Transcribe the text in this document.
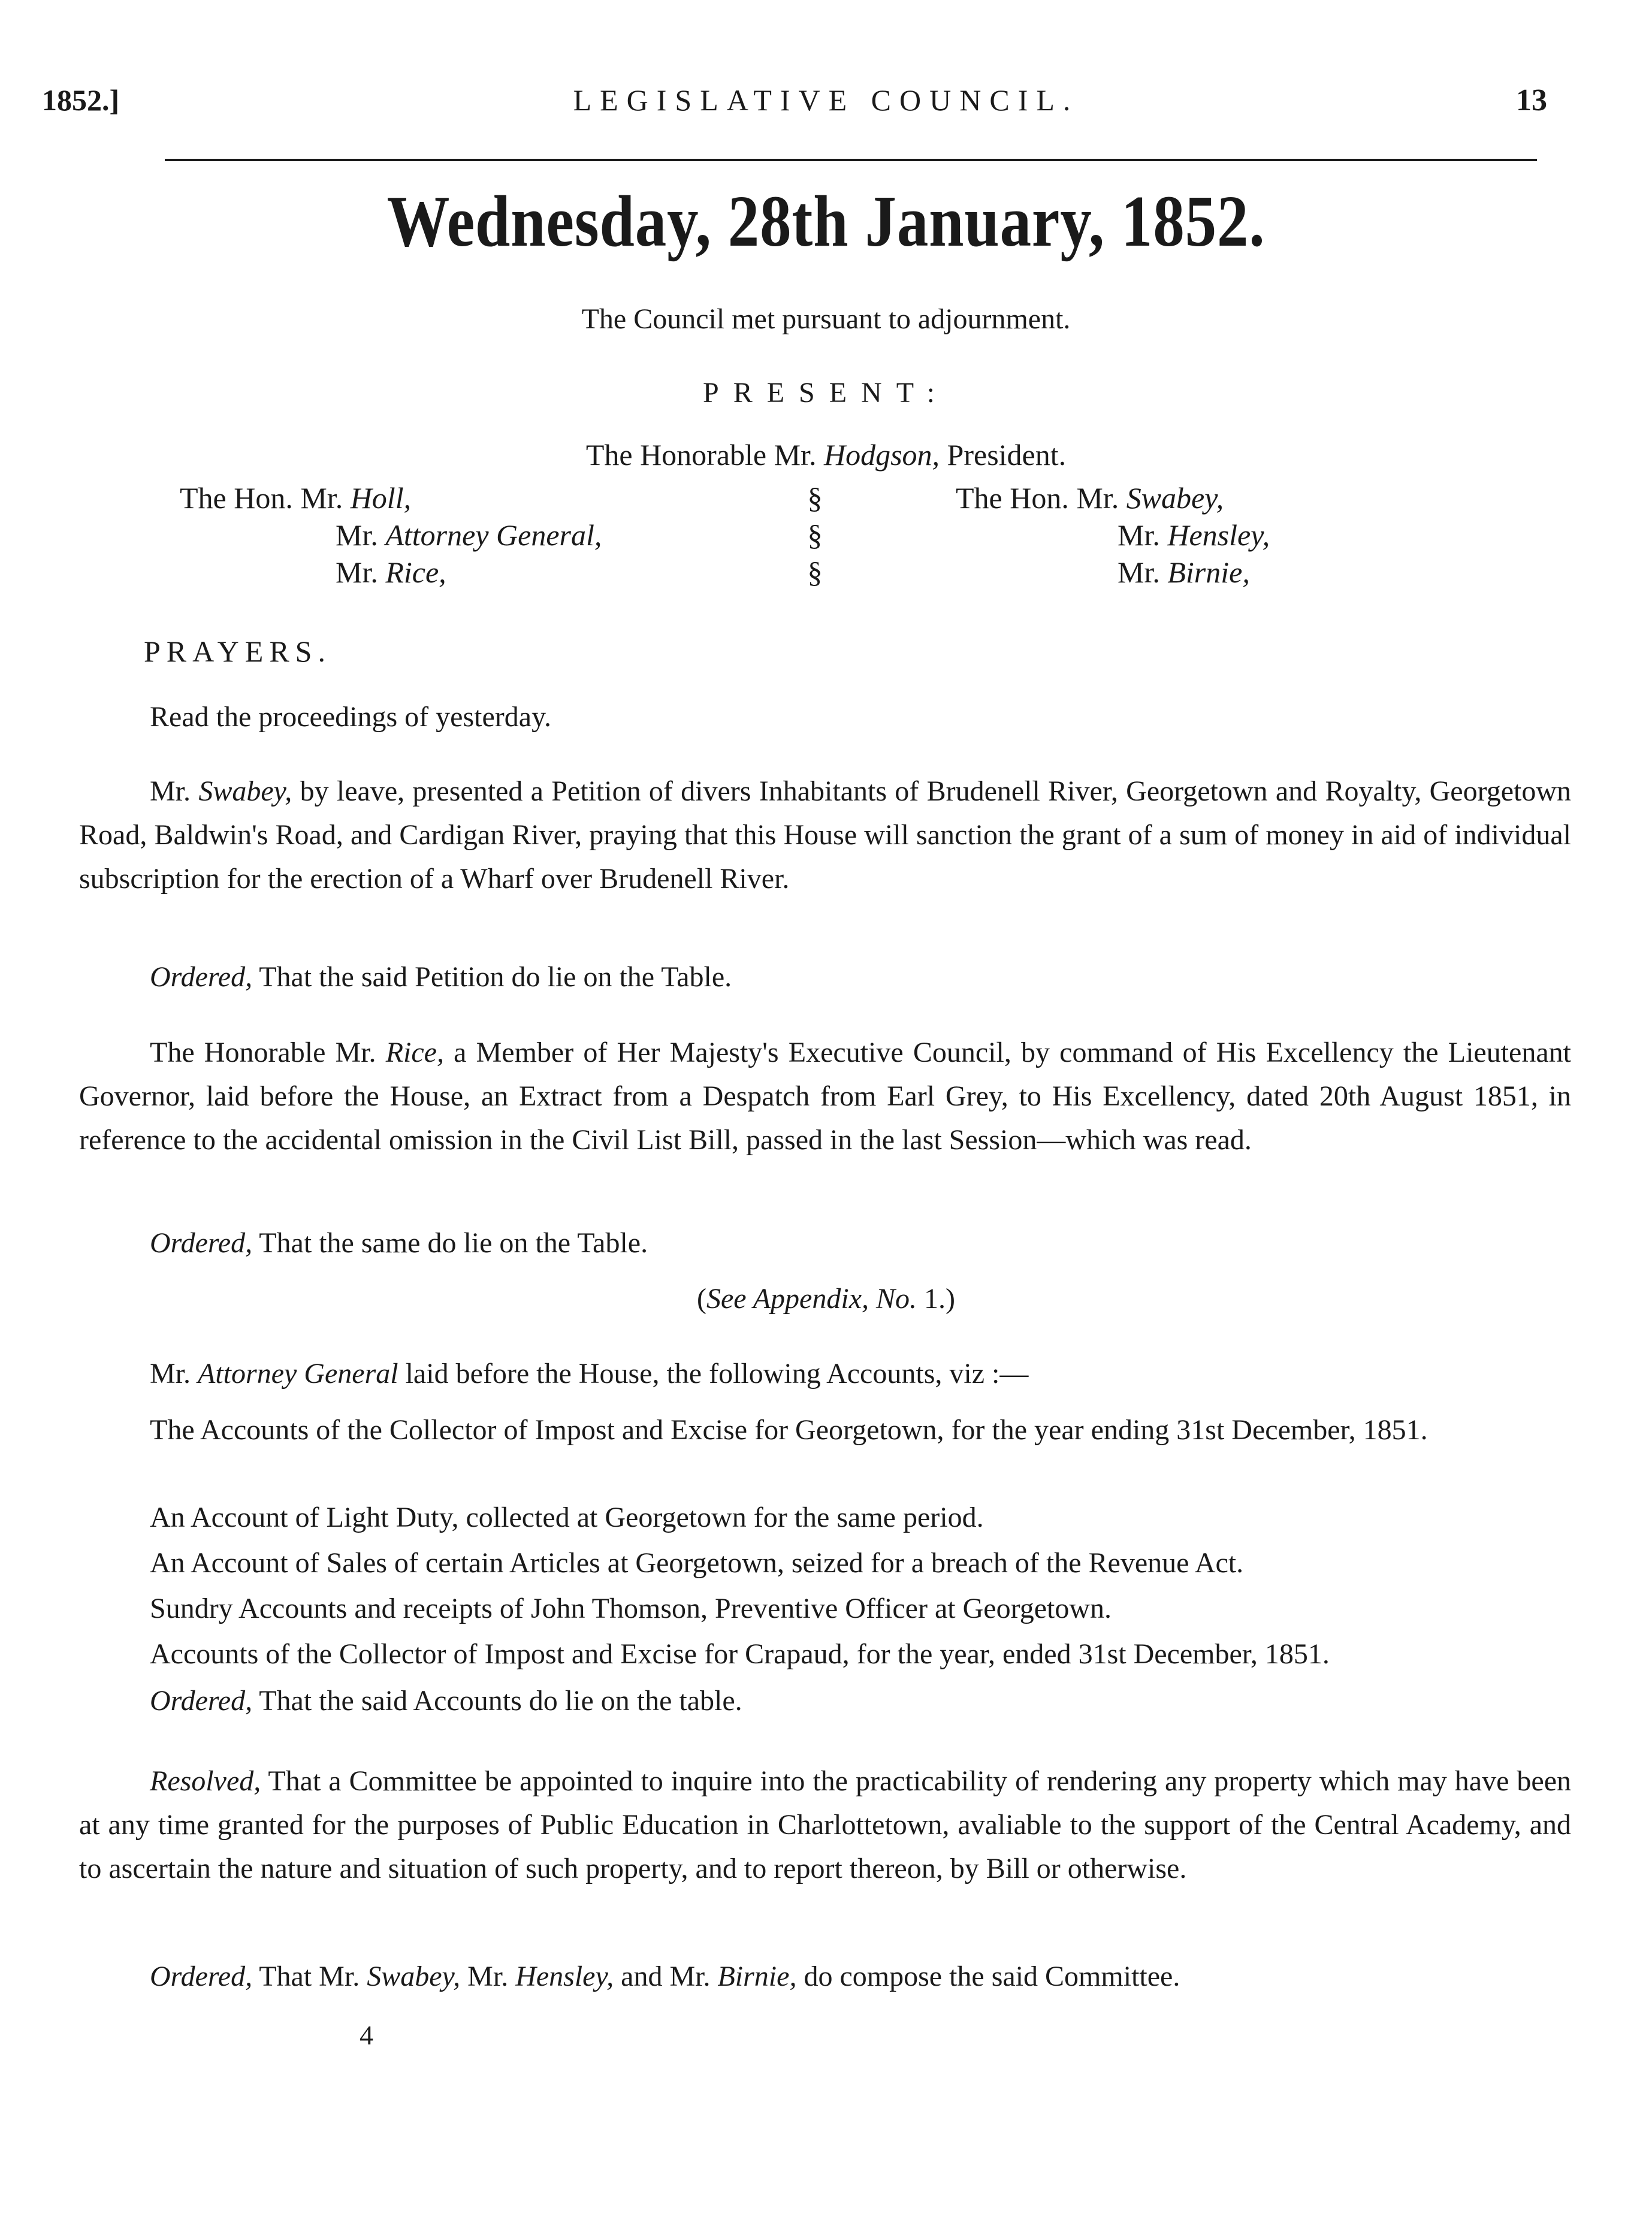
1852.]	LEGISLATIVE COUNCIL.	13
Wednesday, 28th January, 1852.
The Council met pursuant to adjournment.
PRESENT:
The Honorable Mr. Hodgson, President.
The Hon. Mr. Holl,
Mr. Attorney General,
Mr. Rice,
§
§
§
The Hon. Mr. Swabey,
Mr. Hensley,
Mr. Birnie,
PRAYERS.
Read the proceedings of yesterday.
Mr. Swabey, by leave, presented a Petition of divers Inhabitants of Brudenell River, Georgetown and Royalty, Georgetown Road, Baldwin's Road, and Cardigan River, praying that this House will sanction the grant of a sum of money in aid of individual subscription for the erection of a Wharf over Brudenell River.
Ordered, That the said Petition do lie on the Table.
The Honorable Mr. Rice, a Member of Her Majesty's Executive Council, by command of His Excellency the Lieutenant Governor, laid before the House, an Extract from a Despatch from Earl Grey, to His Excellency, dated 20th August 1851, in reference to the accidental omission in the Civil List Bill, passed in the last Session—which was read.
Ordered, That the same do lie on the Table.
(See Appendix, No. 1.)
Mr. Attorney General laid before the House, the following Accounts, viz :—
The Accounts of the Collector of Impost and Excise for Georgetown, for the year ending 31st December, 1851.
An Account of Light Duty, collected at Georgetown for the same period.
An Account of Sales of certain Articles at Georgetown, seized for a breach of the Revenue Act.
Sundry Accounts and receipts of John Thomson, Preventive Officer at Georgetown.
Accounts of the Collector of Impost and Excise for Crapaud, for the year, ended 31st December, 1851.
Ordered, That the said Accounts do lie on the table.
Resolved, That a Committee be appointed to inquire into the practicability of rendering any property which may have been at any time granted for the purposes of Public Education in Charlottetown, avaliable to the support of the Central Academy, and to ascertain the nature and situation of such property, and to report thereon, by Bill or otherwise.
Ordered, That Mr. Swabey, Mr. Hensley, and Mr. Birnie, do compose the said Committee.
4
